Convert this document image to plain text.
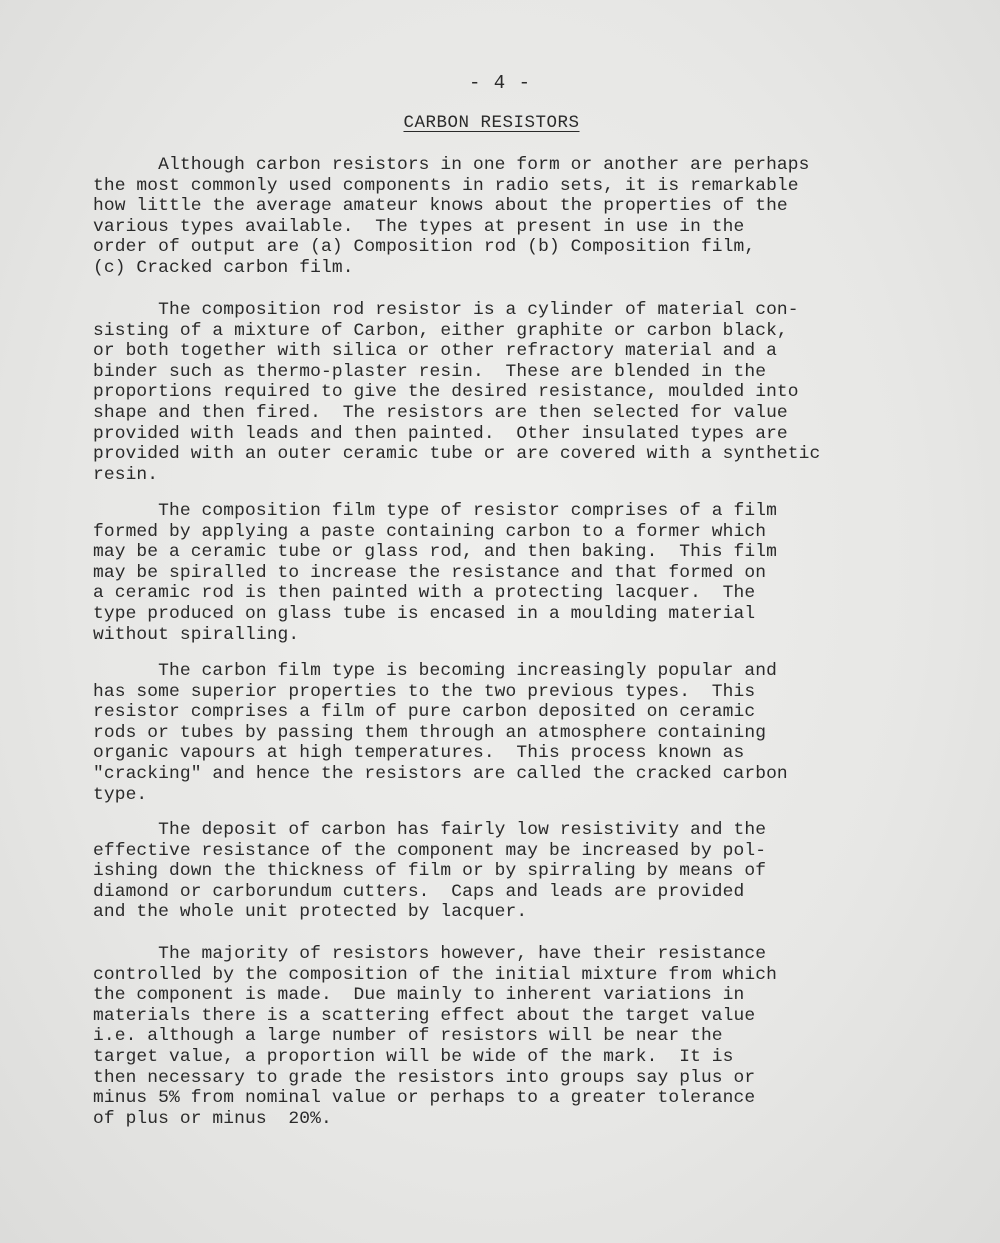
- 4 -
CARBON RESISTORS

Although carbon resistors in one form or another are perhaps
the most commonly used components in radio sets, it is remarkable
how little the average amateur knows about the properties of the
various types available.  The types at present in use in the
order of output are (a) Composition rod (b) Composition film,
(c) Cracked carbon film.

The composition rod resistor is a cylinder of material con-
sisting of a mixture of Carbon, either graphite or carbon black,
or both together with silica or other refractory material and a
binder such as thermo-plaster resin.  These are blended in the
proportions required to give the desired resistance, moulded into
shape and then fired.  The resistors are then selected for value
provided with leads and then painted.  Other insulated types are
provided with an outer ceramic tube or are covered with a synthetic
resin.

The composition film type of resistor comprises of a film
formed by applying a paste containing carbon to a former which
may be a ceramic tube or glass rod, and then baking.  This film
may be spiralled to increase the resistance and that formed on
a ceramic rod is then painted with a protecting lacquer.  The
type produced on glass tube is encased in a moulding material
without spiralling.

The carbon film type is becoming increasingly popular and
has some superior properties to the two previous types.  This
resistor comprises a film of pure carbon deposited on ceramic
rods or tubes by passing them through an atmosphere containing
organic vapours at high temperatures.  This process known as
"cracking" and hence the resistors are called the cracked carbon
type.

The deposit of carbon has fairly low resistivity and the
effective resistance of the component may be increased by pol-
ishing down the thickness of film or by spirraling by means of
diamond or carborundum cutters.  Caps and leads are provided
and the whole unit protected by lacquer.

The majority of resistors however, have their resistance
controlled by the composition of the initial mixture from which
the component is made.  Due mainly to inherent variations in
materials there is a scattering effect about the target value
i.e. although a large number of resistors will be near the
target value, a proportion will be wide of the mark.  It is
then necessary to grade the resistors into groups say plus or
minus 5% from nominal value or perhaps to a greater tolerance
of plus or minus  20%.
